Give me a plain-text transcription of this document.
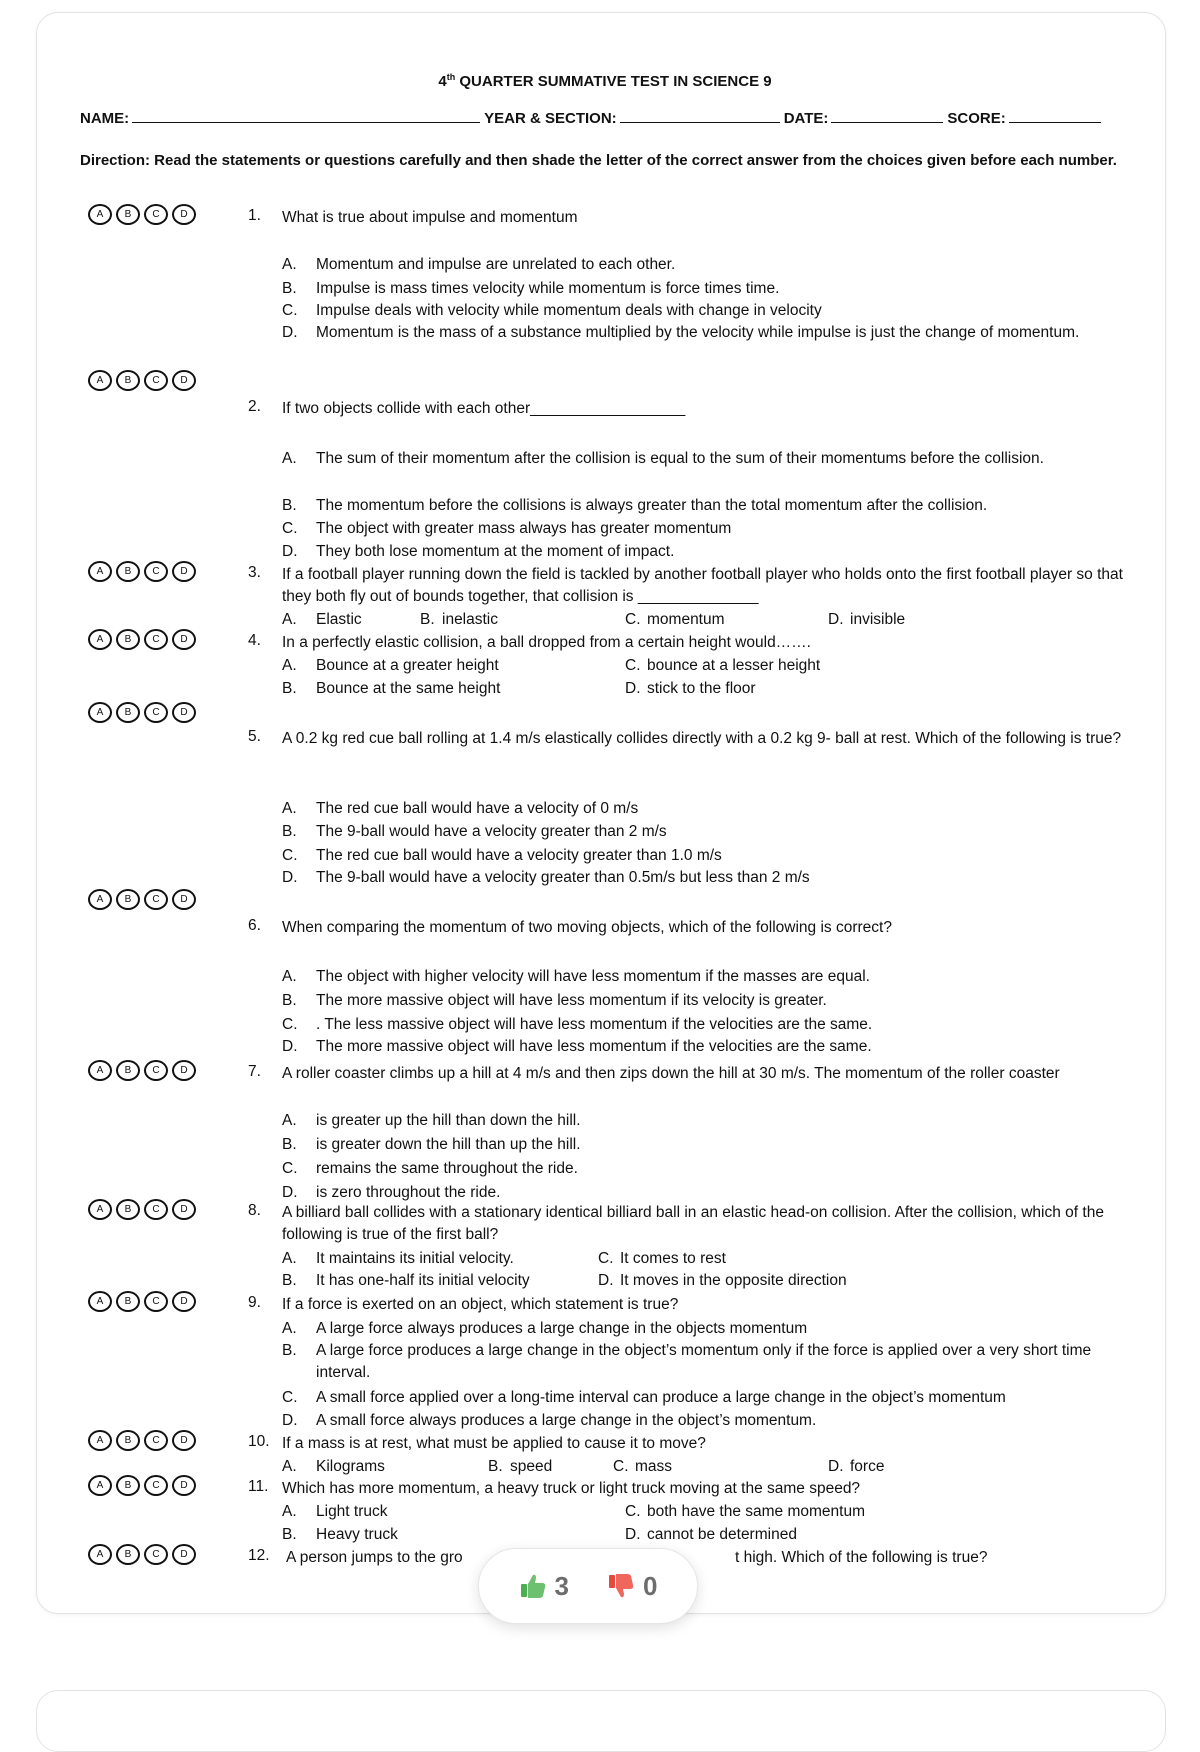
4th QUARTER SUMMATIVE TEST IN SCIENCE 9
NAME:	YEAR & SECTION:	DATE:	SCORE:
Direction: Read the statements or questions carefully and then shade the letter of the correct answer from the choices given before each number.
A	B	C	D	1. What is true about impulse and momentum
A. Momentum and impulse are unrelated to each other.
B. Impulse is mass times velocity while momentum is force times time.
C. Impulse deals with velocity while momentum deals with change in velocity
D. Momentum is the mass of a substance multiplied by the velocity while impulse is just the change of momentum.
A	B	C	D
2. If two objects collide with each other__________________
A. The sum of their momentum after the collision is equal to the sum of their momentums before the collision.
B. The momentum before the collisions is always greater than the total momentum after the collision.
C. The object with greater mass always has greater momentum
D. They both lose momentum at the moment of impact.
A	B	C	D	3. If a football player running down the field is tackled by another football player who holds onto the first football player so that they both fly out of bounds together, that collision is ______________
A. Elastic	B. inelastic	C. momentum	D. invisible
A	B	C	D	4. In a perfectly elastic collision, a ball dropped from a certain height would…….
A. Bounce at a greater height	C. bounce at a lesser height
B. Bounce at the same height	D. stick to the floor
A	B	C	D
5. A 0.2 kg red cue ball rolling at 1.4 m/s elastically collides directly with a 0.2 kg 9- ball at rest. Which of the following is true?
A. The red cue ball would have a velocity of 0 m/s
B. The 9-ball would have a velocity greater than 2 m/s
C. The red cue ball would have a velocity greater than 1.0 m/s
D. The 9-ball would have a velocity greater than 0.5m/s but less than 2 m/s
A	B	C	D
6. When comparing the momentum of two moving objects, which of the following is correct?
A. The object with higher velocity will have less momentum if the masses are equal.
B. The more massive object will have less momentum if its velocity is greater.
C. . The less massive object will have less momentum if the velocities are the same.
D. The more massive object will have less momentum if the velocities are the same.
A	B	C	D	7. A roller coaster climbs up a hill at 4 m/s and then zips down the hill at 30 m/s. The momentum of the roller coaster
A. is greater up the hill than down the hill.
B. is greater down the hill than up the hill.
C. remains the same throughout the ride.
D. is zero throughout the ride.
A	B	C	D	8. A billiard ball collides with a stationary identical billiard ball in an elastic head-on collision. After the collision, which of the following is true of the first ball?
A. It maintains its initial velocity.	C. It comes to rest
B. It has one-half its initial velocity	D. It moves in the opposite direction
A	B	C	D	9. If a force is exerted on an object, which statement is true?
A. A large force always produces a large change in the objects momentum
B. A large force produces a large change in the object’s momentum only if the force is applied over a very short time interval.
C. A small force applied over a long-time interval can produce a large change in the object’s momentum
D. A small force always produces a large change in the object’s momentum.
A	B	C	D	10. If a mass is at rest, what must be applied to cause it to move?
A. Kilograms	B. speed	C. mass	D. force
A	B	C	D	11. Which has more momentum, a heavy truck or light truck moving at the same speed?
A. Light truck	C. both have the same momentum
B. Heavy truck	D. cannot be determined
A	B	C	D	12. A person jumps to the gro	t high. Which of the following is true?
3	0
